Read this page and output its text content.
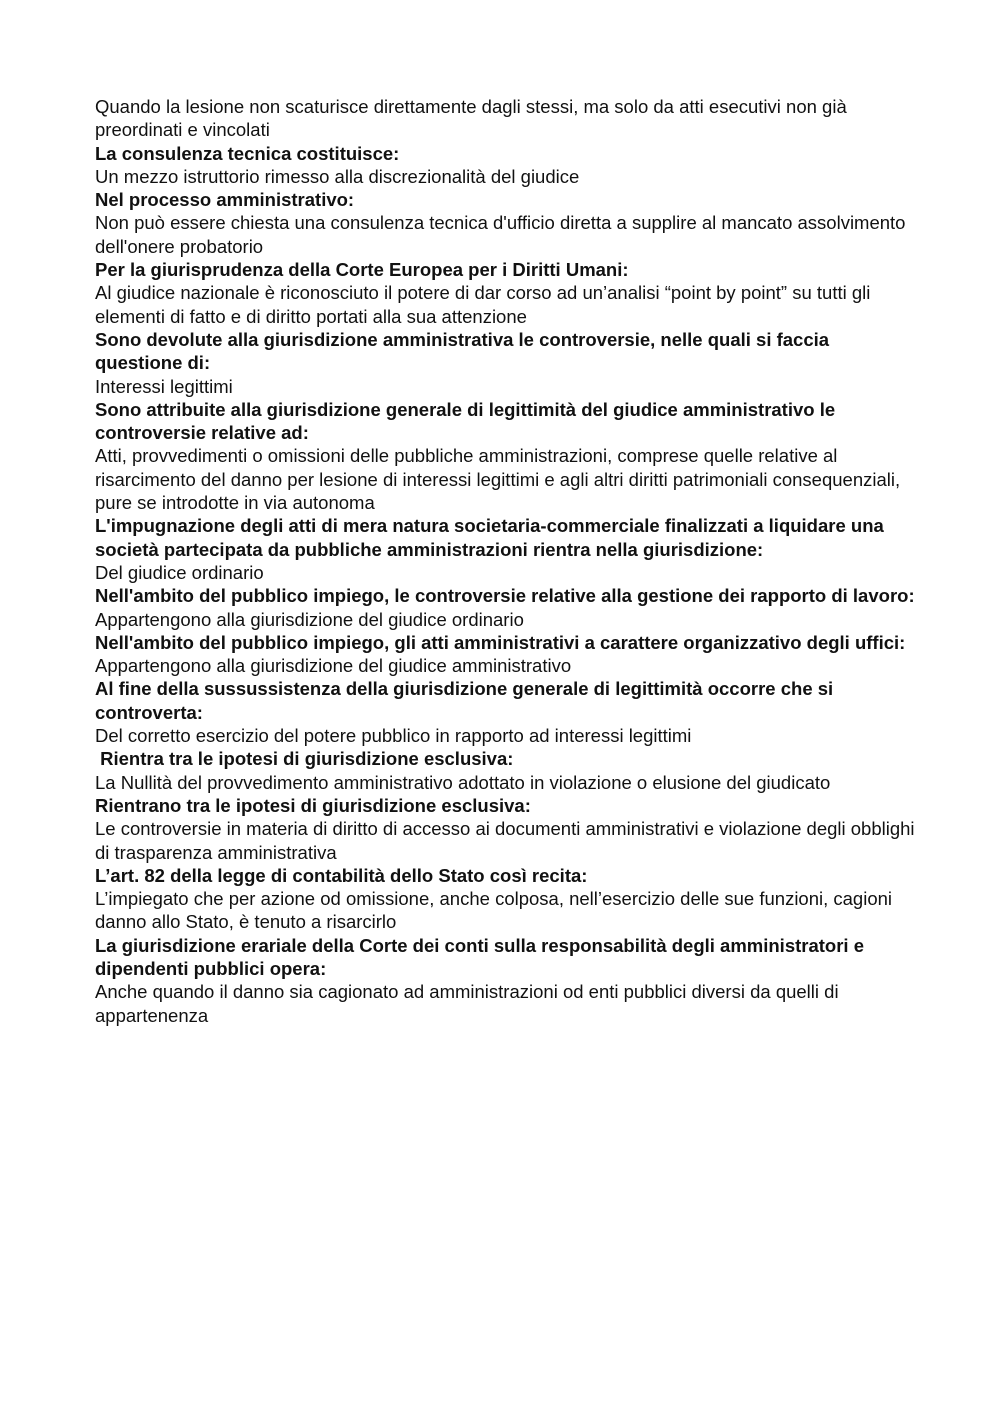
Quando la lesione non scaturisce direttamente dagli stessi, ma solo da atti esecutivi non già preordinati e vincolati

La consulenza tecnica costituisce:

Un mezzo istruttorio rimesso alla discrezionalità del giudice

Nel processo amministrativo:

Non può essere chiesta una consulenza tecnica d'ufficio diretta a supplire al mancato assolvimento dell'onere probatorio

Per la giurisprudenza della Corte Europea per i Diritti Umani:

Al giudice nazionale è riconosciuto il potere di dar corso ad un’analisi “point by point” su tutti gli elementi di fatto e di diritto portati alla sua attenzione

Sono devolute alla giurisdizione amministrativa le controversie, nelle quali si faccia questione di:

Interessi legittimi

Sono attribuite alla giurisdizione generale di legittimità del giudice amministrativo le controversie relative ad:

Atti, provvedimenti o omissioni delle pubbliche amministrazioni, comprese quelle relative al risarcimento del danno per lesione di interessi legittimi e agli altri diritti patrimoniali consequenziali, pure se introdotte in via autonoma

L'impugnazione degli atti di mera natura societaria-commerciale finalizzati a liquidare una società partecipata da pubbliche amministrazioni rientra nella giurisdizione:

Del giudice ordinario

Nell'ambito del pubblico impiego, le controversie relative alla gestione dei rapporto di lavoro:

Appartengono alla giurisdizione del giudice ordinario

Nell'ambito del pubblico impiego, gli atti amministrativi a carattere organizzativo degli uffici:

Appartengono alla giurisdizione del giudice amministrativo

Al fine della sussussistenza della giurisdizione generale di legittimità occorre che si controverta:

Del corretto esercizio del potere pubblico in rapporto ad interessi legittimi

Rientra tra le ipotesi di giurisdizione esclusiva:

La Nullità del provvedimento amministrativo adottato in violazione o elusione del giudicato

Rientrano tra le ipotesi di giurisdizione esclusiva:

Le controversie in materia di diritto di accesso ai documenti amministrativi e violazione degli obblighi di trasparenza amministrativa

L’art. 82 della legge di contabilità dello Stato così recita:

L’impiegato che per azione od omissione, anche colposa, nell’esercizio delle sue funzioni, cagioni danno allo Stato, è tenuto a risarcirlo

La giurisdizione erariale della Corte dei conti sulla responsabilità degli amministratori e dipendenti pubblici opera:

Anche quando il danno sia cagionato ad amministrazioni od enti pubblici diversi da quelli di appartenenza
